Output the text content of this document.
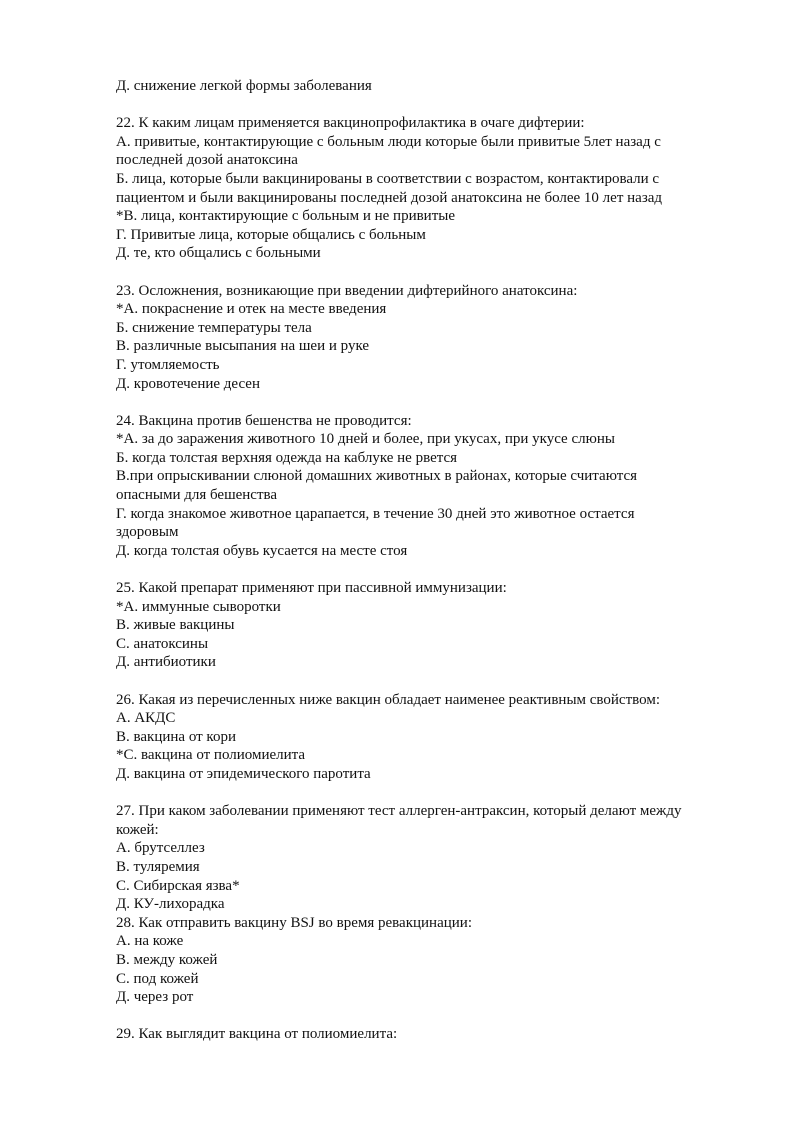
Д. снижение легкой формы заболевания

22. К каким лицам применяется вакцинопрофилактика в очаге дифтерии:

А. привитые, контактирующие с больным люди которые были привитые 5лет назад с

последней дозой анатоксина

Б. лица, которые были вакцинированы в соответствии с возрастом, контактировали с

пациентом и были вакцинированы последней дозой анатоксина не более 10 лет назад

*В. лица, контактирующие с больным и не привитые

Г. Привитые лица, которые общались с больным

Д. те, кто общались с больными

23. Осложнения, возникающие при введении дифтерийного анатоксина:

*А. покраснение и отек на месте введения

Б. снижение температуры тела

В. различные высыпания на шеи и руке

Г. утомляемость

Д. кровотечение десен

24. Вакцина против бешенства не проводится:

*А. за до заражения животного 10 дней и более, при укусах, при укусе слюны

Б. когда толстая верхняя одежда на каблуке не рвется

В.при опрыскивании слюной домашних животных в районах, которые считаются

опасными для бешенства

Г. когда знакомое животное царапается, в течение 30 дней это животное остается

здоровым

Д. когда толстая обувь кусается на месте стоя

25. Какой препарат применяют при пассивной иммунизации:

*A. иммунные сыворотки

B. живые вакцины

C. анатоксины

Д. антибиотики

26. Какая из перечисленных ниже вакцин обладает наименее реактивным свойством:

A. АКДС

B. вакцина от кори

*C. вакцина от полиомиелита

Д. вакцина от эпидемического паротита

27. При каком заболевании применяют тест аллерген-антраксин, который делают между

кожей:

A. брутселлез

B. туляремия

C. Сибирская язва*

Д. КУ-лихорадка

28. Как отправить вакцину BSJ во время ревакцинации:

A. на коже

B. между кожей

C. под кожей

Д. через рот

29. Как выглядит вакцина от полиомиелита:
